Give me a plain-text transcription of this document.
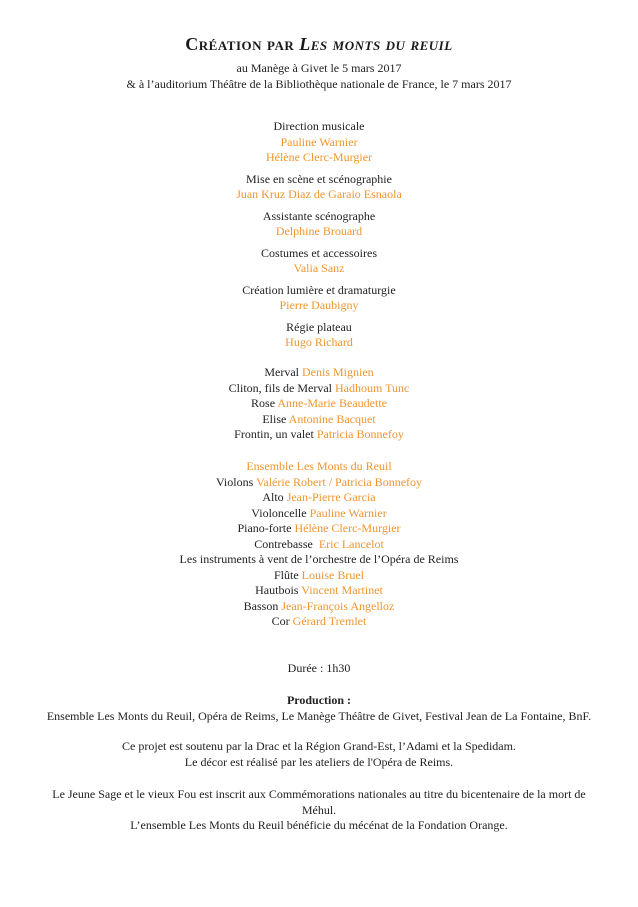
Création par Les monts du reuil
au Manège à Givet le 5 mars 2017
& à l’auditorium Théâtre de la Bibliothèque nationale de France, le 7 mars 2017
Direction musicale
Pauline Warnier
Hélène Clerc-Murgier
Mise en scène et scénographie
Juan Kruz Diaz de Garaio Esnaola
Assistante scénographe
Delphine Brouard
Costumes et accessoires
Valia Sanz
Création lumière et dramaturgie
Pierre Daubigny
Régie plateau
Hugo Richard
Merval Denis Mignien
Cliton, fils de Merval Hadhoum Tunc
Rose Anne-Marie Beaudette
Elise Antonine Bacquet
Frontin, un valet Patricia Bonnefoy
Ensemble Les Monts du Reuil
Violons Valérie Robert / Patricia Bonnefoy
Alto Jean-Pierre Garcia
Violoncelle Pauline Warnier
Piano-forte Hélène Clerc-Murgier
Contrebasse  Eric Lancelot
Les instruments à vent de l’orchestre de l’Opéra de Reims
Flûte Louise Bruel
Hautbois Vincent Martinet
Basson Jean-François Angelloz
Cor Gérard Tremlet
Durée : 1h30
Production :
Ensemble Les Monts du Reuil, Opéra de Reims, Le Manège Théâtre de Givet, Festival Jean de La Fontaine, BnF.
Ce projet est soutenu par la Drac et la Région Grand-Est, l’Adami et la Spedidam.
Le décor est réalisé par les ateliers de l'Opéra de Reims.
Le Jeune Sage et le vieux Fou est inscrit aux Commémorations nationales au titre du bicentenaire de la mort de Méhul.
L’ensemble Les Monts du Reuil bénéficie du mécénat de la Fondation Orange.
